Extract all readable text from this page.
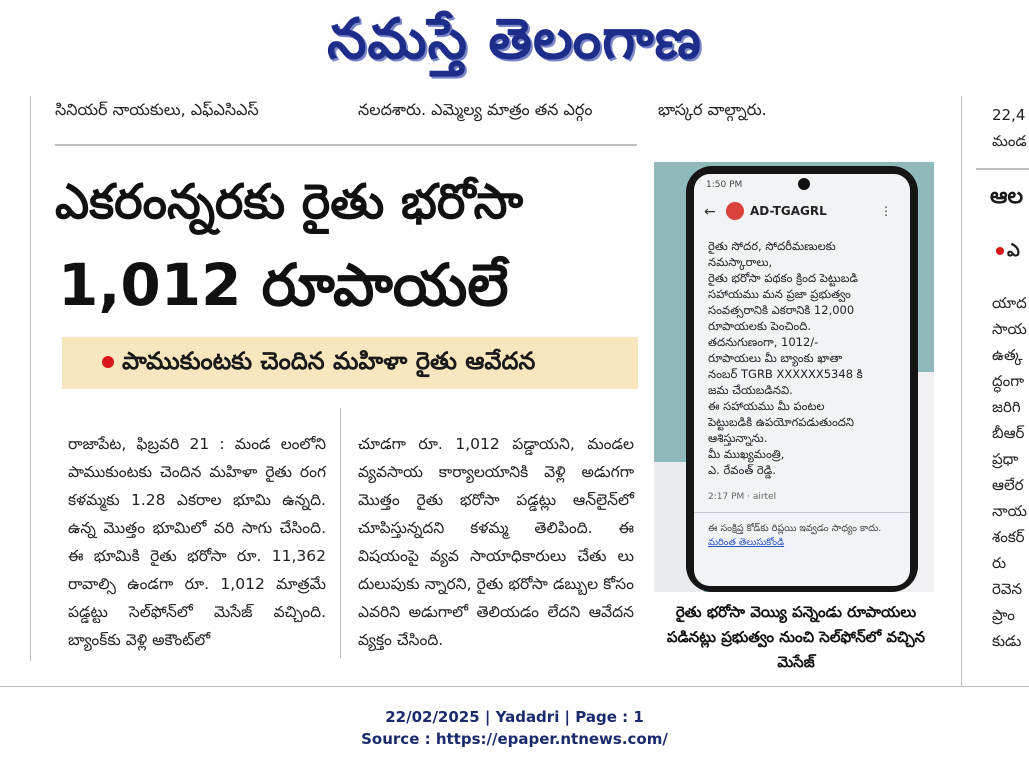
నమస్తే తెలంగాణ
సినియర్ నాయకులు, ఎఫ్ఎసిఎస్	నలదశారు. ఎమ్మెల్య మాత్రం తన ఎర్గం	భాస్కర వాల్గ్నారు.
ఎకరంన్నరకు రైతు భరోసా
1,012 రూపాయలే
పాముకుంటకు చెందిన మహిళా రైతు ఆవేదన

రాజాపేట, ఫిబ్రవరి 21 : మండ లంలోని పాముకుంటకు చెందిన మహిళా రైతు రంగ కళమ్మకు 1.28 ఎకరాల భూమి ఉన్నది. ఉన్న మొత్తం భూమిలో వరి సాగు చేసింది. ఈ భూమికి రైతు భరోసా రూ. 11,362 రావాల్సి ఉండగా రూ. 1,012 మాత్రమే పడ్డట్టు సెల్‌ఫోన్‌లో మెసేజ్ వచ్చింది. బ్యాంక్‌కు వెళ్లి అకౌంట్‌లో

చూడగా రూ. 1,012 పడ్డాయని, మండల వ్యవసాయ కార్యాలయానికి వెళ్లి అడుగగా మొత్తం రైతు భరోసా పడ్డట్లు ఆన్‌లైన్‌లో చూపిస్తున్నదని కళమ్మ తెలిపింది. ఈ విషయంపై వ్యవ సాయాధికారులు చేతు లు దులుపుకు న్నారని, రైతు భరోసా డబ్బుల కోసం ఎవరిని అడుగాలో తెలియడం లేదని ఆవేదన వ్యక్తం చేసింది.

1:50 PM
←	AD-TGAGRL	⋮
రైతు సోదర, సోదరీమణులకు
నమస్కారాలు,
రైతు భరోసా పథకం క్రింద పెట్టుబడి
సహాయము మన ప్రజా ప్రభుత్వం
సంవత్సరానికి ఎకరానికి 12,000
రూపాయలకు పెంచింది.
తదనుగుణంగా, 1012/-
రూపాయలు మీ బ్యాంకు ఖాతా
నంబర్ TGRB XXXXXX5348 కి
జమ చేయబడినవి.
ఈ సహాయము మీ పంటల
పెట్టుబడికి ఉపయోగపడుతుందని
ఆశిస్తున్నాను.
మీ ముఖ్యమంత్రి,
ఎ. రేవంత్ రెడ్డి.
2:17 PM · airtel
ఈ సంక్షిప్త కోడ్‌కు రిప్లయి ఇవ్వడం సాధ్యం కాదు. మరింత తెలుసుకోండి
రైతు భరోసా వెయ్యి పన్నెండు రూపాయలు
పడినట్లు ప్రభుత్వం నుంచి సెల్‌ఫోన్‌లో వచ్చిన మెసేజ్
22,4
మండ
ఆల
ఎ
యాద
సాయ
ఉత్క
ద్ధంగా
జరిగి
బీఆర్
ప్రధా
ఆలేర
నాయ
శంకర్
రు
రెవెన
ప్రాం
కుడు
22/02/2025 | Yadadri | Page : 1
Source : https://epaper.ntnews.com/
